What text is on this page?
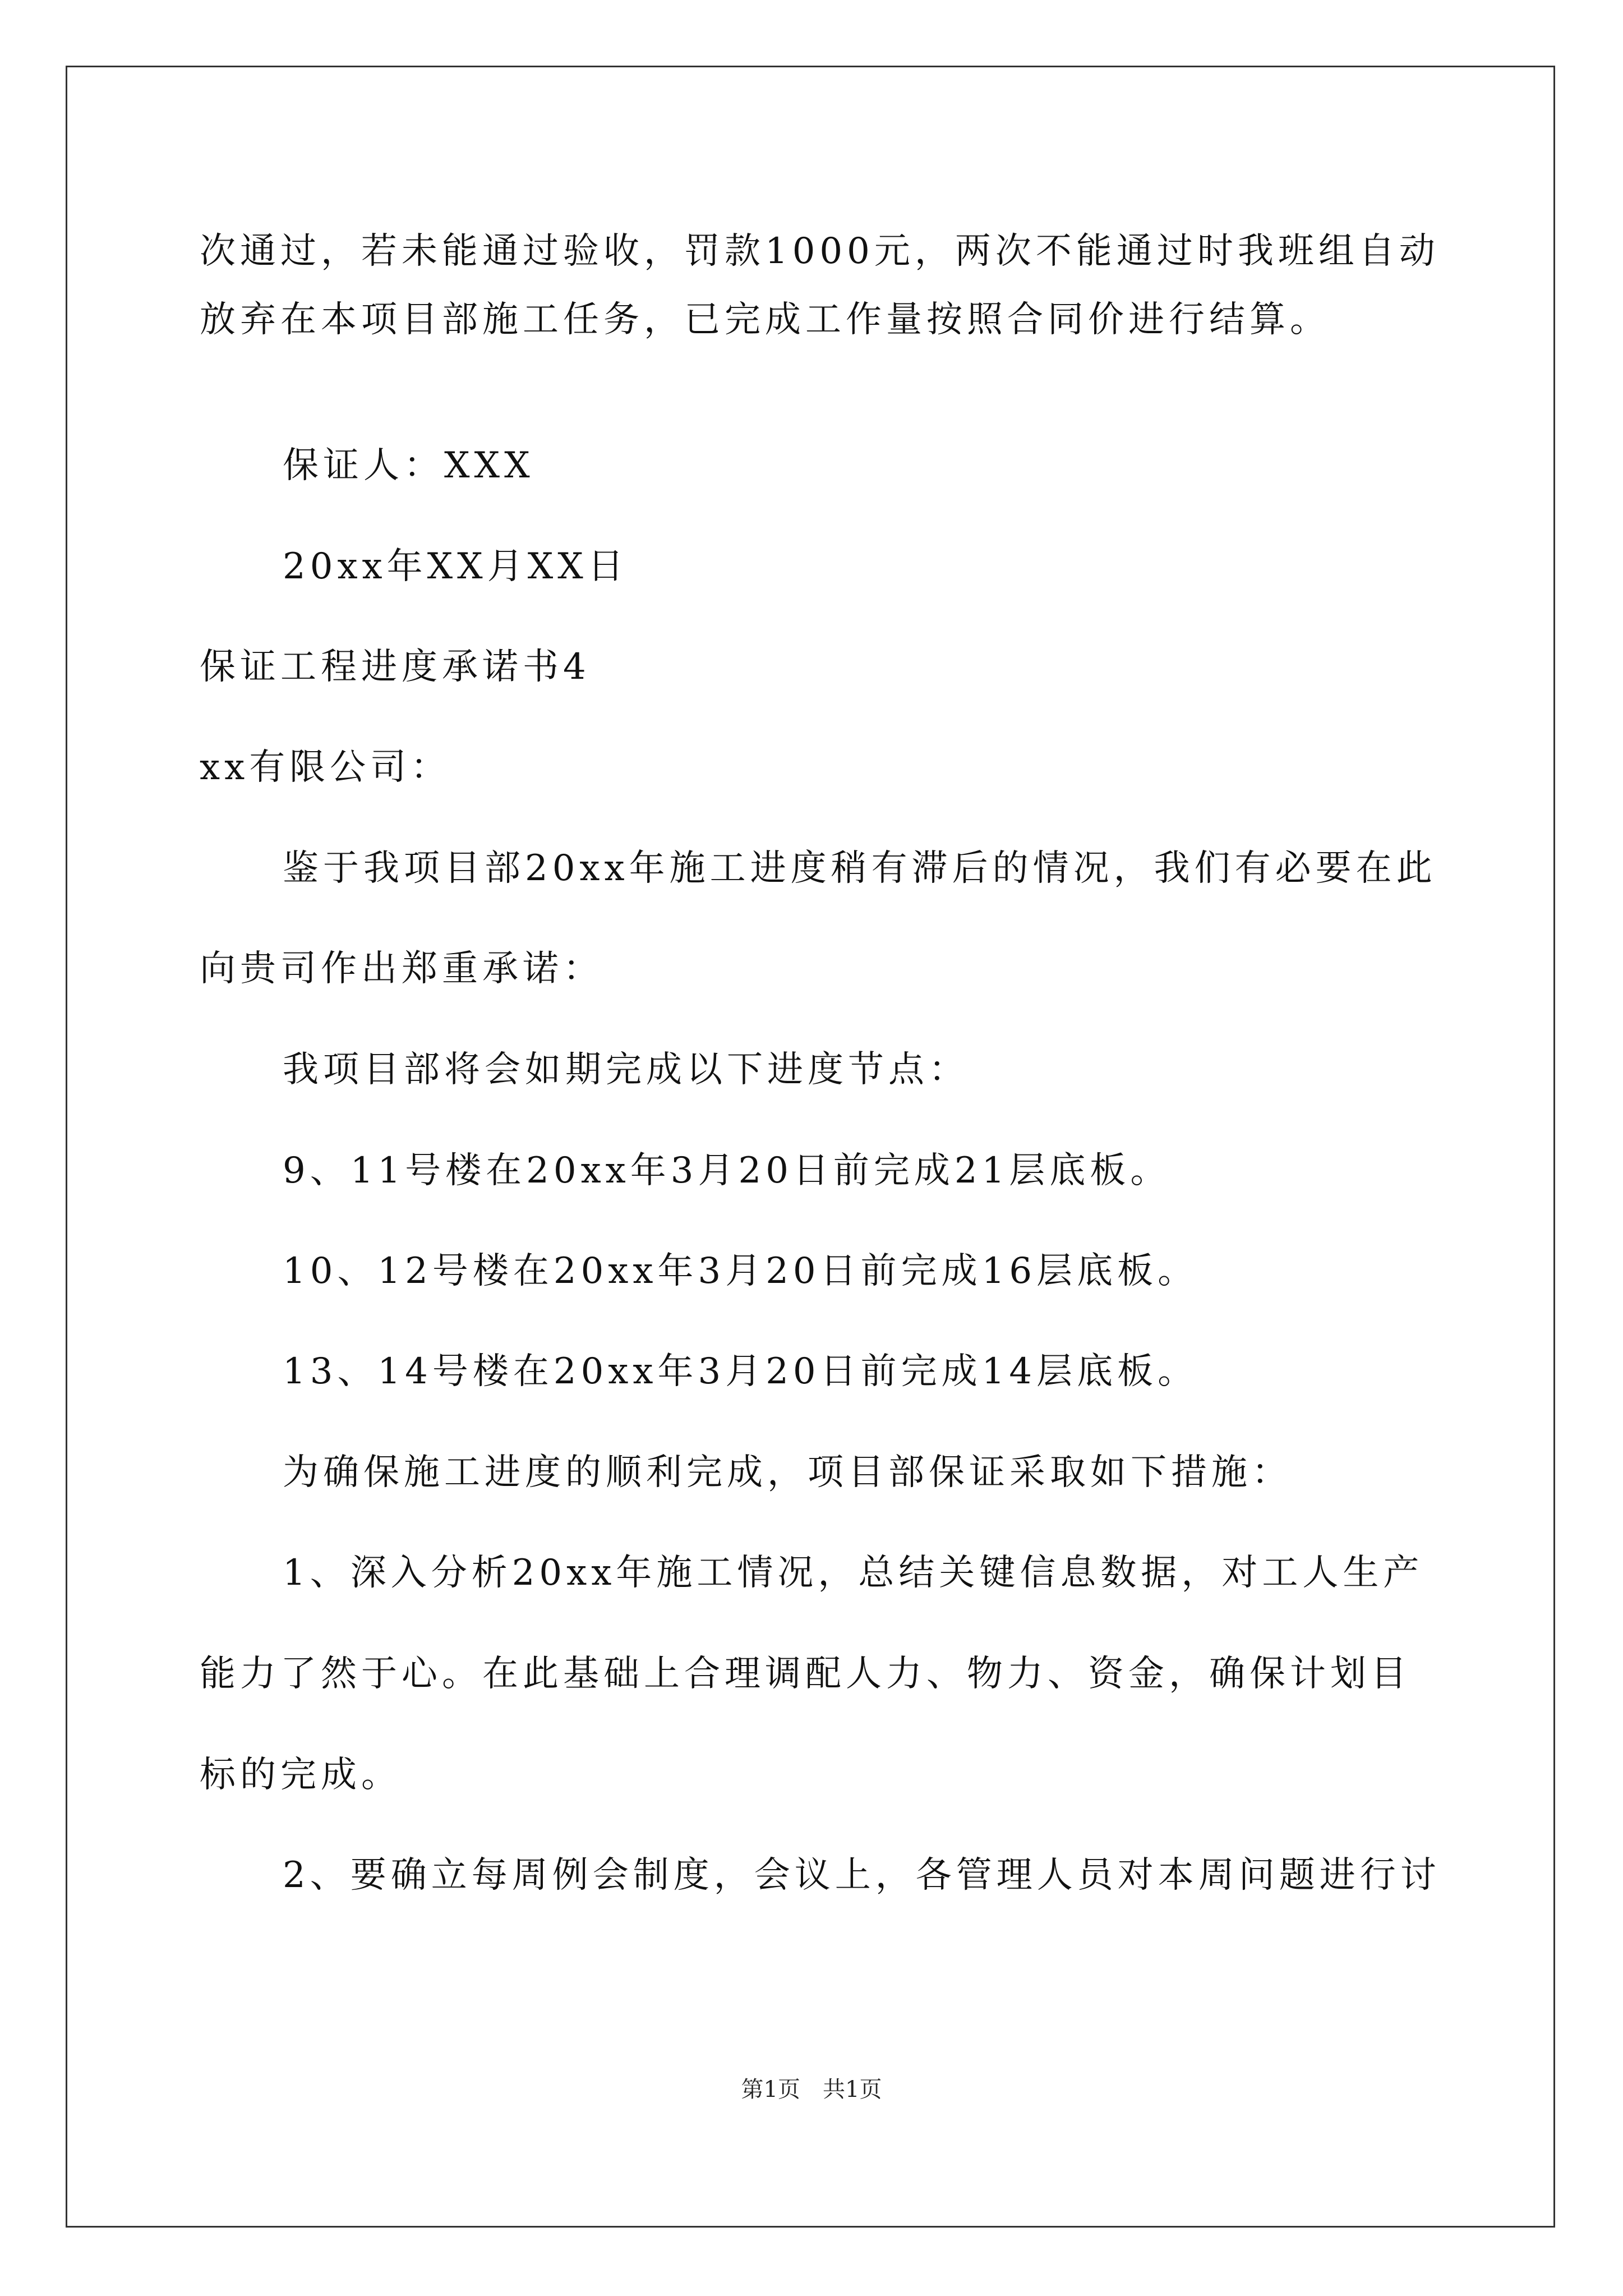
次通过，若未能通过验收，罚款1000元，两次不能通过时我班组自动
放弃在本项目部施工任务，已完成工作量按照合同价进行结算。
保证人：XXX
20xx年XX月XX日
保证工程进度承诺书4
xx有限公司：
鉴于我项目部20xx年施工进度稍有滞后的情况，我们有必要在此
向贵司作出郑重承诺：
我项目部将会如期完成以下进度节点：
9、11号楼在20xx年3月20日前完成21层底板。
10、12号楼在20xx年3月20日前完成16层底板。
13、14号楼在20xx年3月20日前完成14层底板。
为确保施工进度的顺利完成，项目部保证采取如下措施：
1、深入分析20xx年施工情况，总结关键信息数据，对工人生产
能力了然于心。在此基础上合理调配人力、物力、资金，确保计划目
标的完成。
2、要确立每周例会制度，会议上，各管理人员对本周问题进行讨
第1页　共1页
